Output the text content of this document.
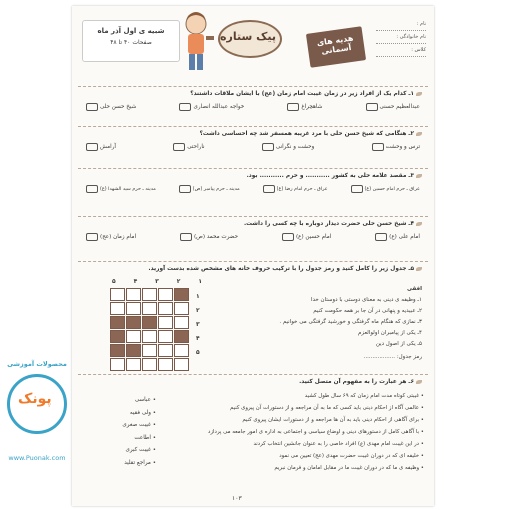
نام :
نام خانوادگی :
کلاس :
هدیه های آسمانی
پیک ستاره
شبیه ی اول آذر ماه
صفحات ۴۰ تا ۴۸
۱ـ کدام یک از افراد زیر در زمان غیبت امام زمان (عج) با ایشان ملاقات داشتند؟
عبدالعظیم حسنی
شاهچراغ
خواجه عبدالله انصاری
شیخ حسن حلی
۲ـ هنگامی که شیخ حسن حلی با مرد غریبه همسفر شد چه احساسی داشت؟
ترس و وحشت
وحشت و نگرانی
ناراحتی
آرامش
۳ـ مقصد علامه حلی به کشور ........... و حرم ........... بود.
عراق ـ حرم امام حسین (ع)
عراق ـ حرم امام رضا (ع)
مدینه ـ حرم پیامبر (ص)
مدینه ـ حرم سید الشهدا (ع)
۴ـ شیخ حسن حلی حضرت دیدار دوباره با چه کسی را داشت.
امام علی (ع)
امام حسین (ع)
حضرت محمد (ص)
امام زمان (عج)
۵ـ جدول زیر را کامل کنید و رمز جدول را با ترکیب حروف خانه های مشخص شده بدست آورید.
۵	۴	۳	۲	۱
۱
۲
۳
۴
۵
افقی
۱ـ وظیفه ی دینی به معنای دوستی با دوستان خدا
۲ـ عبیدیه و پنهانی در آن جا بر همه حکومت کنیم
۳ـ نمازی که هنگام ماه گرفتگی و خورشید گرفتگی می خوانیم .
۴ـ یکی از پیامبران اولوالعزم
۵ـ یکی از اصول دین
رمز جدول: ..................
۶ـ هر عبارت را به مفهوم آن متصل کنید.
• غیبتی کوتاه مدت امام زمان که ۶۹ سال طول کشید
• عالمی آگاه از احکام دینی باید کسی که ما به آن مراجعه و از دستورات آن پیروی کنیم
• برای آگاهی از احکام دینی باید به آن ها مراجعه و از دستورات ایشان پیروی کنیم
• با آگاهی کامل از دستورهای دینی و اوضاع سیاسی و اجتماعی به اداره ی امور جامعه می پردازد
• در این غیبت امام مهدی (ع) افراد خاصی را به عنوان جانشین انتخاب کردند
• خلیفه ای که در دوران غیبت حضرت مهدی (عج) تعیین می نمود
• وظیفه ی ما که در دوران غیبت ما در مقابل امامان و فرمان نبریم
• عباسی
• ولی فقیه
• غیبت صغری
• اطاعت
• غیبت کبری
• مراجع تقلید
۱۰۳
محصولات آموزشی
پونک
www.Puonak.com
